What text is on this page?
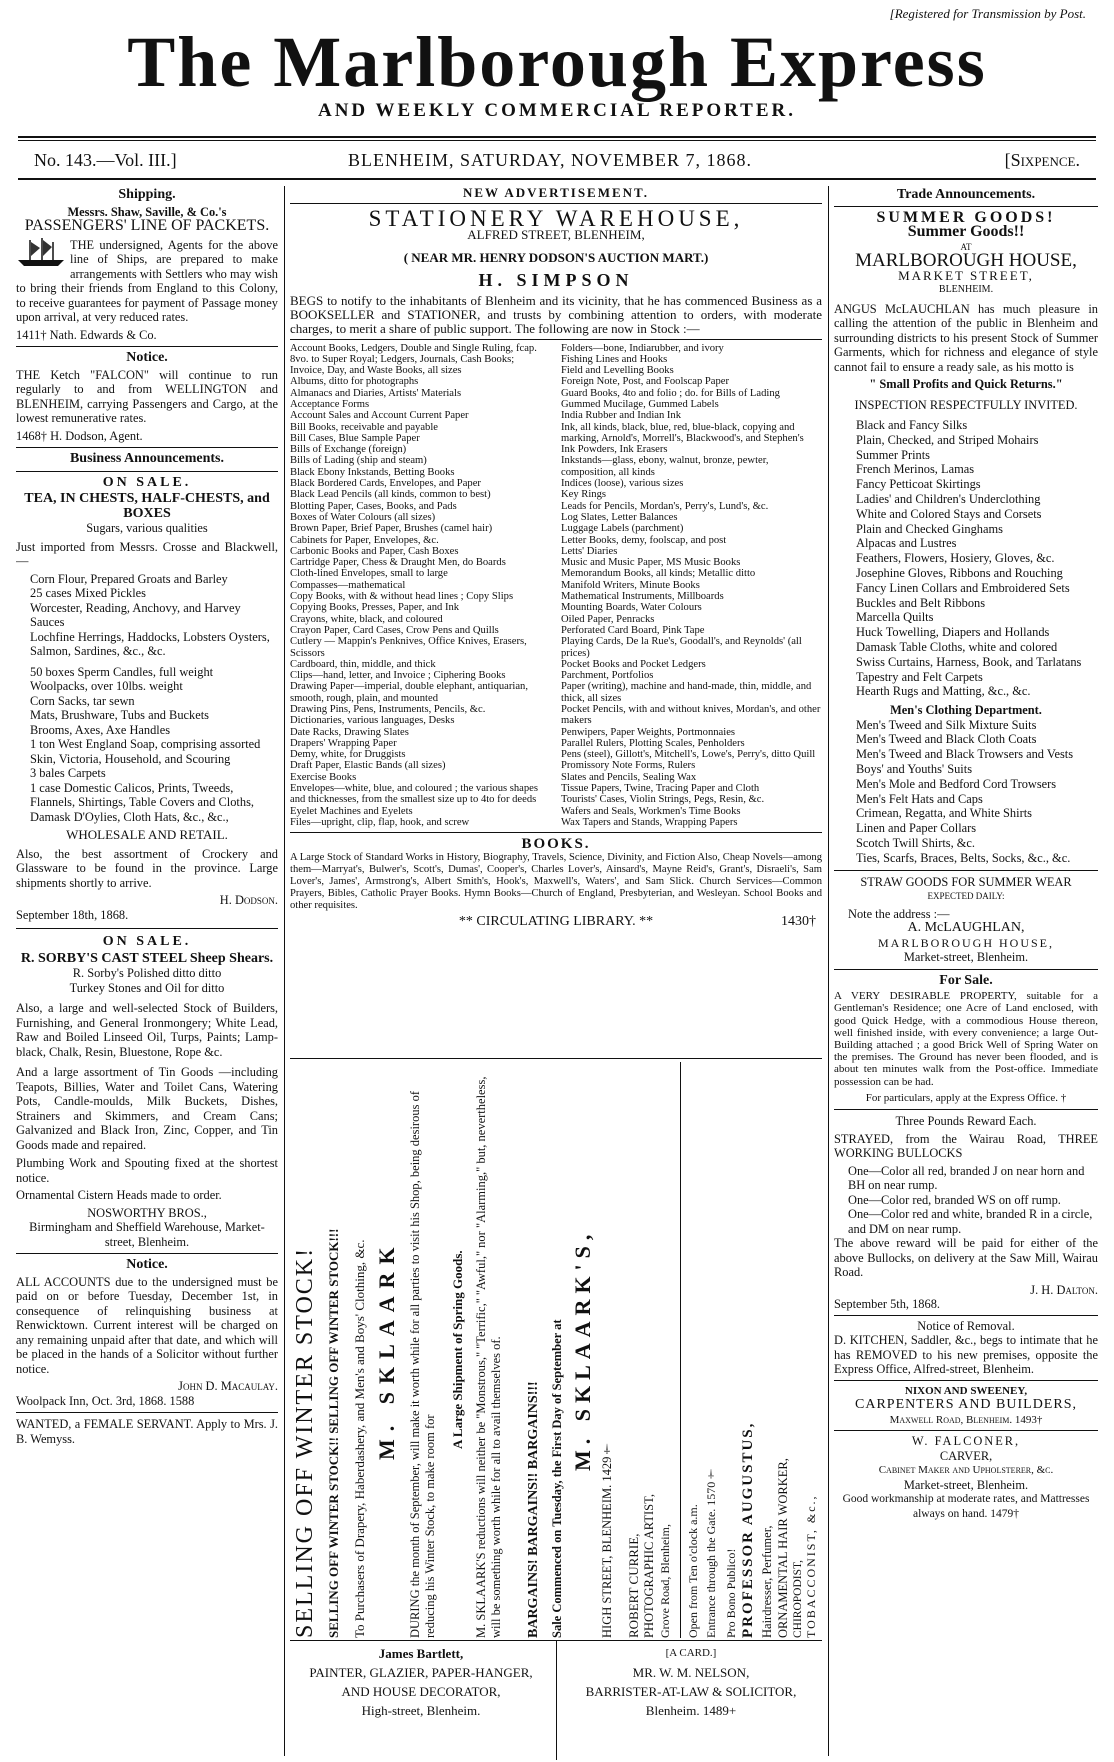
[Registered for Transmission by Post.
The Marlborough Express
AND WEEKLY COMMERCIAL REPORTER.
No. 143.—Vol. III.]	BLENHEIM, SATURDAY, NOVEMBER 7, 1868.	[Sixpence.
Shipping.
Messrs. Shaw, Saville, & Co.'s
PASSENGERS' LINE OF PACKETS.
THE undersigned, Agents for the above line of Ships, are prepared to make arrangements with Settlers who may wish to bring their friends from England to this Colony, to receive guarantees for payment of Passage money upon arrival, at very reduced rates.
1411† Nath. Edwards & Co.
Notice.
THE Ketch "FALCON" will continue to run regularly to and from WELLINGTON and BLENHEIM, carrying Passengers and Cargo, at the lowest remunerative rates.
1468† H. Dodson, Agent.
Business Announcements.
ON SALE.
TEA, IN CHESTS, HALF-CHESTS, and BOXES
Sugars, various qualities
Just imported from Messrs. Crosse and Blackwell,—
Corn Flour, Prepared Groats and Barley
25 cases Mixed Pickles
Worcester, Reading, Anchovy, and Harvey Sauces
Lochfine Herrings, Haddocks, Lobsters Oysters, Salmon, Sardines, &c., &c.
50 boxes Sperm Candles, full weight
Woolpacks, over 10lbs. weight
Corn Sacks, tar sewn
Mats, Brushware, Tubs and Buckets
Brooms, Axes, Axe Handles
1 ton West England Soap, comprising assorted Skin, Victoria, Household, and Scouring
3 bales Carpets
1 case Domestic Calicos, Prints, Tweeds, Flannels, Shirtings, Table Covers and Cloths, Damask D'Oylies, Cloth Hats, &c., &c.,
WHOLESALE AND RETAIL.
Also, the best assortment of Crockery and Glassware to be found in the province. Large shipments shortly to arrive.
H. Dodson.
September 18th, 1868.
ON SALE.
R. SORBY'S CAST STEEL Sheep Shears.
R. Sorby's Polished ditto ditto
Turkey Stones and Oil for ditto
Also, a large and well-selected Stock of Builders, Furnishing, and General Ironmongery; White Lead, Raw and Boiled Linseed Oil, Turps, Paints; Lamp-black, Chalk, Resin, Bluestone, Rope &c.
And a large assortment of Tin Goods —including Teapots, Billies, Water and Toilet Cans, Watering Pots, Candle-moulds, Milk Buckets, Dishes, Strainers and Skimmers, and Cream Cans; Galvanized and Black Iron, Zinc, Copper, and Tin Goods made and repaired.
Plumbing Work and Spouting fixed at the shortest notice.
Ornamental Cistern Heads made to order.
NOSWORTHY BROS.,
Birmingham and Sheffield Warehouse, Market-street, Blenheim.
Notice.
ALL ACCOUNTS due to the undersigned must be paid on or before Tuesday, December 1st, in consequence of relinquishing business at Renwicktown. Current interest will be charged on any remaining unpaid after that date, and which will be placed in the hands of a Solicitor without further notice.
John D. Macaulay.
Woolpack Inn, Oct. 3rd, 1868. 1588
WANTED, a FEMALE SERVANT. Apply to Mrs. J. B. Wemyss.
NEW ADVERTISEMENT.
STATIONERY WAREHOUSE,
ALFRED STREET, BLENHEIM,
( NEAR MR. HENRY DODSON'S AUCTION MART.)
H. SIMPSON
BEGS to notify to the inhabitants of Blenheim and its vicinity, that he has commenced Business as a BOOKSELLER and STATIONER, and trusts by combining attention to orders, with moderate charges, to merit a share of public support. The following are now in Stock :—
Account Books, Ledgers, Double and Single Ruling, fcap. 8vo. to Super Royal; Ledgers, Journals, Cash Books; Invoice, Day, and Waste Books, all sizes
Albums, ditto for photographs
Almanacs and Diaries, Artists' Materials
Acceptance Forms
Account Sales and Account Current Paper
Bill Books, receivable and payable
Bill Cases, Blue Sample Paper
Bills of Exchange (foreign)
Bills of Lading (ship and steam)
Black Ebony Inkstands, Betting Books
Black Bordered Cards, Envelopes, and Paper
Black Lead Pencils (all kinds, common to best)
Blotting Paper, Cases, Books, and Pads
Boxes of Water Colours (all sizes)
Brown Paper, Brief Paper, Brushes (camel hair)
Cabinets for Paper, Envelopes, &c.
Carbonic Books and Paper, Cash Boxes
Cartridge Paper, Chess & Draught Men, do Boards
Cloth-lined Envelopes, small to large
Compasses—mathematical
Copy Books, with & without head lines ; Copy Slips
Copying Books, Presses, Paper, and Ink
Crayons, white, black, and coloured
Crayon Paper, Card Cases, Crow Pens and Quills
Cutlery — Mappin's Penknives, Office Knives, Erasers, Scissors
Cardboard, thin, middle, and thick
Clips—hand, letter, and Invoice ; Ciphering Books
Drawing Paper—imperial, double elephant, antiquarian, smooth, rough, plain, and mounted
Drawing Pins, Pens, Instruments, Pencils, &c.
Dictionaries, various languages, Desks
Date Racks, Drawing Slates
Drapers' Wrapping Paper
Demy, white, for Druggists
Draft Paper, Elastic Bands (all sizes)
Exercise Books
Envelopes—white, blue, and coloured ; the various shapes and thicknesses, from the smallest size up to 4to for deeds
Eyelet Machines and Eyelets
Files—upright, clip, flap, hook, and screw
Folders—bone, Indiarubber, and ivory
Fishing Lines and Hooks
Field and Levelling Books
Foreign Note, Post, and Foolscap Paper
Guard Books, 4to and folio ; do. for Bills of Lading
Gummed Mucilage, Gummed Labels
India Rubber and Indian Ink
Ink, all kinds, black, blue, red, blue-black, copying and marking, Arnold's, Morrell's, Blackwood's, and Stephen's
Ink Powders, Ink Erasers
Inkstands—glass, ebony, walnut, bronze, pewter, composition, all kinds
Indices (loose), various sizes
Key Rings
Leads for Pencils, Mordan's, Perry's, Lund's, &c.
Log Slates, Letter Balances
Luggage Labels (parchment)
Letter Books, demy, foolscap, and post
Letts' Diaries
Music and Music Paper, MS Music Books
Memorandum Books, all kinds; Metallic ditto
Manifold Writers, Minute Books
Mathematical Instruments, Millboards
Mounting Boards, Water Colours
Oiled Paper, Penracks
Perforated Card Board, Pink Tape
Playing Cards, De la Rue's, Goodall's, and Reynolds' (all prices)
Pocket Books and Pocket Ledgers
Parchment, Portfolios
Paper (writing), machine and hand-made, thin, middle, and thick, all sizes
Pocket Pencils, with and without knives, Mordan's, and other makers
Penwipers, Paper Weights, Portmonnaies
Parallel Rulers, Plotting Scales, Penholders
Pens (steel), Gillott's, Mitchell's, Lowe's, Perry's, ditto Quill
Promissory Note Forms, Rulers
Slates and Pencils, Sealing Wax
Tissue Papers, Twine, Tracing Paper and Cloth
Tourists' Cases, Violin Strings, Pegs, Resin, &c.
Wafers and Seals, Workmen's Time Books
Wax Tapers and Stands, Wrapping Papers
BOOKS.
A Large Stock of Standard Works in History, Biography, Travels, Science, Divinity, and Fiction Also, Cheap Novels—among them—Marryat's, Bulwer's, Scott's, Dumas', Cooper's, Charles Lover's, Ainsard's, Mayne Reid's, Grant's, Disraeli's, Sam Lover's, James', Armstrong's, Albert Smith's, Hook's, Maxwell's, Waters', and Sam Slick. Church Services—Common Prayers, Bibles, Catholic Prayer Books. Hymn Books—Church of England, Presbyterian, and Wesleyan. School Books and other requisites.
** CIRCULATING LIBRARY. **	1430†
SELLING OFF WINTER STOCK! SELLING OFF WINTER STOCK!! SELLING OFF WINTER STOCK!!! To Purchasers of Drapery, Haberdashery, and Men's and Boys' Clothing, &c. M. SKLAARK DURING the month of September, will make it worth while for all parties to visit his Shop, being desirous of reducing his Winter Stock, to make room for
A Large Shipment of Spring Goods. M. SKLAARK'S reductions will neither be "Monstrous," "Terrific," "Awful," nor "Alarming," but, nevertheless, will be something worth while for all to avail themselves of.	BARGAINS! BARGAINS!! BARGAINS!!! Sale Commenced on Tuesday, the First Day of September at M. SKLAARK'S,
HIGH STREET, BLENHEIM. 1429† ROBERT CURRIE, PHOTOGRAPHIC ARTIST, Grove Road, Blenheim, Open from Ten o'clock a.m. Entrance through the Gate. 1570† Pro Bono Publico! PROFESSOR AUGUSTUS, Hairdresser, Perfumer, ORNAMENTAL HAIR WORKER, CHIROPODIST, TOBACCONIST, &c.,
James Bartlett,
PAINTER, GLAZIER, PAPER-HANGER,
AND HOUSE DECORATOR,
High-street, Blenheim.
[A CARD.]
MR. W. M. NELSON,
BARRISTER-AT-LAW & SOLICITOR,
Blenheim. 1489+
Trade Announcements.
SUMMER GOODS!
Summer Goods!!
AT
MARLBOROUGH HOUSE,
MARKET STREET,
BLENHEIM.
ANGUS McLAUCHLAN has much pleasure in calling the attention of the public in Blenheim and surrounding districts to his present Stock of Summer Garments, which for richness and elegance of style cannot fail to ensure a ready sale, as his motto is
" Small Profits and Quick Returns."
INSPECTION RESPECTFULLY INVITED.
Black and Fancy Silks
Plain, Checked, and Striped Mohairs
Summer Prints
French Merinos, Lamas
Fancy Petticoat Skirtings
Ladies' and Children's Underclothing
White and Colored Stays and Corsets
Plain and Checked Ginghams
Alpacas and Lustres
Feathers, Flowers, Hosiery, Gloves, &c.
Josephine Gloves, Ribbons and Rouching
Fancy Linen Collars and Embroidered Sets
Buckles and Belt Ribbons
Marcella Quilts
Huck Towelling, Diapers and Hollands
Damask Table Cloths, white and colored
Swiss Curtains, Harness, Book, and Tarlatans
Tapestry and Felt Carpets
Hearth Rugs and Matting, &c., &c.
Men's Clothing Department.
Men's Tweed and Silk Mixture Suits
Men's Tweed and Black Cloth Coats
Men's Tweed and Black Trowsers and Vests
Boys' and Youths' Suits
Men's Mole and Bedford Cord Trowsers
Men's Felt Hats and Caps
Crimean, Regatta, and White Shirts
Linen and Paper Collars
Scotch Twill Shirts, &c.
Ties, Scarfs, Braces, Belts, Socks, &c., &c.
STRAW GOODS FOR SUMMER WEAR
EXPECTED DAILY:
Note the address :—
A. McLAUGHLAN,
MARLBOROUGH HOUSE,
Market-street, Blenheim.
For Sale.
A VERY DESIRABLE PROPERTY, suitable for a Gentleman's Residence; one Acre of Land enclosed, with good Quick Hedge, with a commodious House thereon, well finished inside, with every convenience; a large Out-Building attached ; a good Brick Well of Spring Water on the premises. The Ground has never been flooded, and is about ten minutes walk from the Post-office. Immediate possession can be had.
For particulars, apply at the Express Office. †
Three Pounds Reward Each.
STRAYED, from the Wairau Road, THREE WORKING BULLOCKS
One—Color all red, branded J on near horn and BH on near rump.
One—Color red, branded WS on off rump.
One—Color red and white, branded R in a circle, and DM on near rump.
The above reward will be paid for either of the above Bullocks, on delivery at the Saw Mill, Wairau Road.
J. H. Dalton.
September 5th, 1868.
Notice of Removal.
D. KITCHEN, Saddler, &c., begs to intimate that he has REMOVED to his new premises, opposite the Express Office, Alfred-street, Blenheim.
NIXON AND SWEENEY,
CARPENTERS AND BUILDERS,
Maxwell Road, Blenheim. 1493†
W. FALCONER,
CARVER,
Cabinet Maker and Upholsterer, &c.
Market-street, Blenheim.
Good workmanship at moderate rates, and Mattresses always on hand. 1479†
